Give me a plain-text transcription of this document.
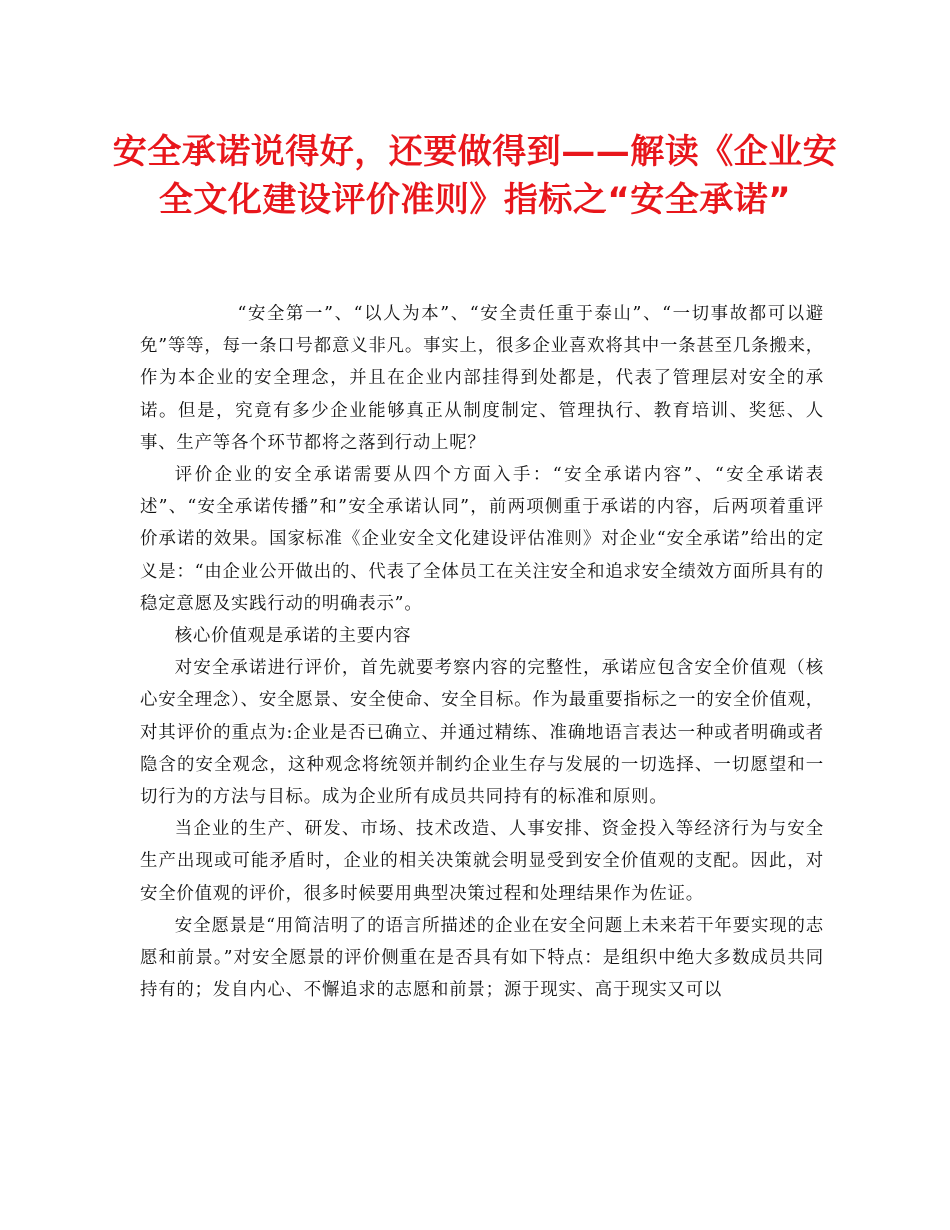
安全承诺说得好，还要做得到——解读《企业安全文化建设评价准则》指标之“安全承诺”

“安全第一”、“以人为本”、“安全责任重于泰山”、“一切事故都可以避免”等等，每一条口号都意义非凡。事实上，很多企业喜欢将其中一条甚至几条搬来，作为本企业的安全理念，并且在企业内部挂得到处都是，代表了管理层对安全的承诺。但是，究竟有多少企业能够真正从制度制定、管理执行、教育培训、奖惩、人事、生产等各个环节都将之落到行动上呢？

评价企业的安全承诺需要从四个方面入手：“安全承诺内容”、“安全承诺表述”、“安全承诺传播”和”安全承诺认同”，前两项侧重于承诺的内容，后两项着重评价承诺的效果。国家标准《企业安全文化建设评估准则》对企业“安全承诺”给出的定义是：“由企业公开做出的、代表了全体员工在关注安全和追求安全绩效方面所具有的稳定意愿及实践行动的明确表示”。

核心价值观是承诺的主要内容

对安全承诺进行评价，首先就要考察内容的完整性，承诺应包含安全价值观（核心安全理念）、安全愿景、安全使命、安全目标。作为最重要指标之一的安全价值观，对其评价的重点为:企业是否已确立、并通过精练、准确地语言表达一种或者明确或者隐含的安全观念，这种观念将统领并制约企业生存与发展的一切选择、一切愿望和一切行为的方法与目标。成为企业所有成员共同持有的标准和原则。

当企业的生产、研发、市场、技术改造、人事安排、资金投入等经济行为与安全生产出现或可能矛盾时，企业的相关决策就会明显受到安全价值观的支配。因此，对安全价值观的评价，很多时候要用典型决策过程和处理结果作为佐证。

安全愿景是“用简洁明了的语言所描述的企业在安全问题上未来若干年要实现的志愿和前景。”对安全愿景的评价侧重在是否具有如下特点：是组织中绝大多数成员共同持有的；发自内心、不懈追求的志愿和前景；源于现实、高于现实又可以
